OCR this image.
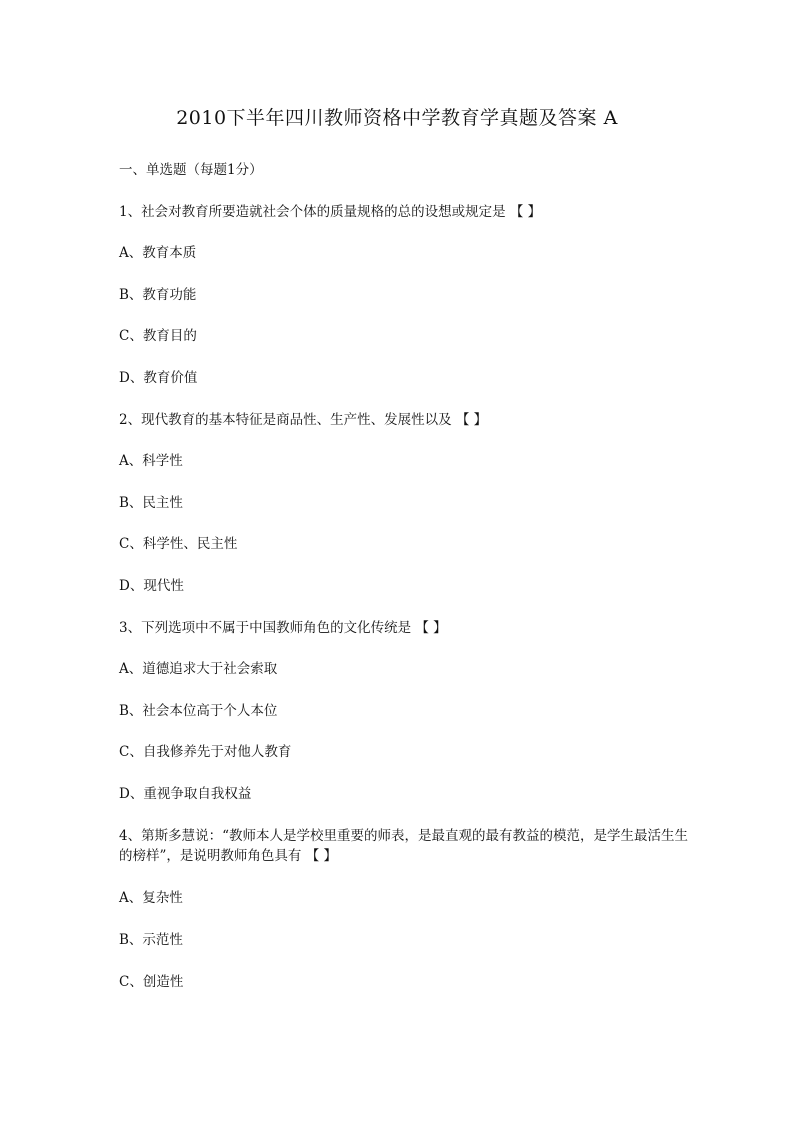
2010下半年四川教师资格中学教育学真题及答案 A

一、单选题（每题1分）

1、社会对教育所要造就社会个体的质量规格的总的设想或规定是 【 】

A、教育本质

B、教育功能

C、教育目的

D、教育价值

2、现代教育的基本特征是商品性、生产性、发展性以及 【 】

A、科学性

B、民主性

C、科学性、民主性

D、现代性

3、下列选项中不属于中国教师角色的文化传统是 【 】

A、道德追求大于社会索取

B、社会本位高于个人本位

C、自我修养先于对他人教育

D、重视争取自我权益

4、第斯多慧说：“教师本人是学校里重要的师表，是最直观的最有教益的模范，是学生最活生生的榜样”，是说明教师角色具有 【 】

A、复杂性

B、示范性

C、创造性
